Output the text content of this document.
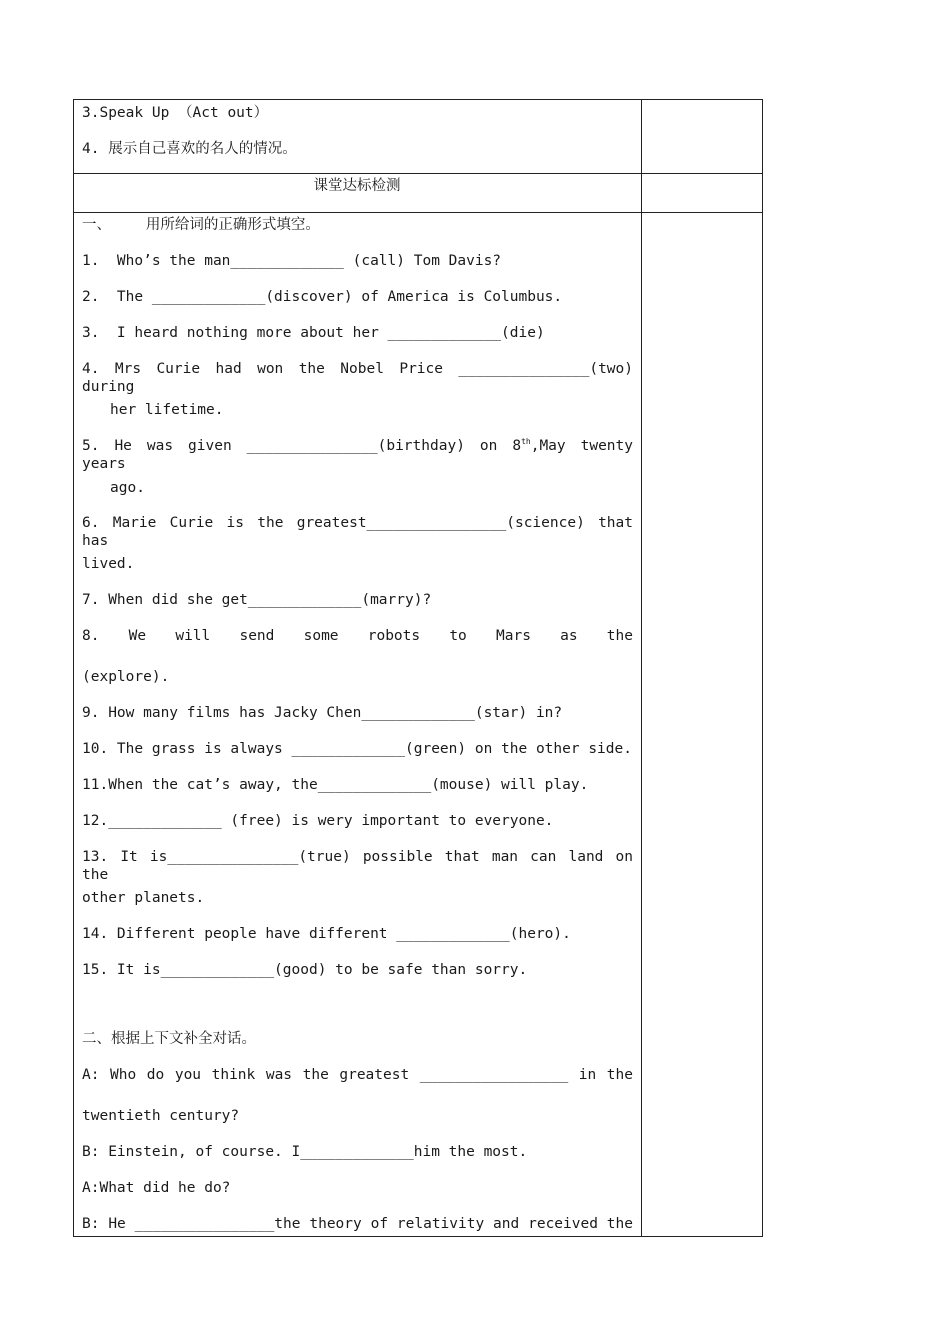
3.Speak Up （Act out）
4. 展示自己喜欢的名人的情况。
课堂达标检测
一、    用所给词的正确形式填空。
1.  Who’s the man_____________ (call) Tom Davis?
2.  The _____________(discover) of America is Columbus.
3.  I heard nothing more about her _____________(die)
4. Mrs Curie had won the Nobel Price _______________(two) during
her lifetime.
5. He was given _______________(birthday) on 8th,May twenty years
ago.
6. Marie Curie is the greatest________________(science) that has
lived.
7. When did she get_____________(marry)?
8. We will send some robots to Mars as the
(explore).
9. How many films has Jacky Chen_____________(star) in?
10. The grass is always _____________(green) on the other side.
11.When the cat’s away, the_____________(mouse) will play.
12._____________ (free) is wery important to everyone.
13. It is_______________(true) possible that man can land on the
other planets.
14. Different people have different _____________(hero).
15. It is_____________(good) to be safe than sorry.
二、根据上下文补全对话。
A: Who do you think was the greatest _________________ in the
twentieth century?
B: Einstein, of course. I_____________him the most.
A:What did he do?
B: He ________________the theory of relativity and received the
